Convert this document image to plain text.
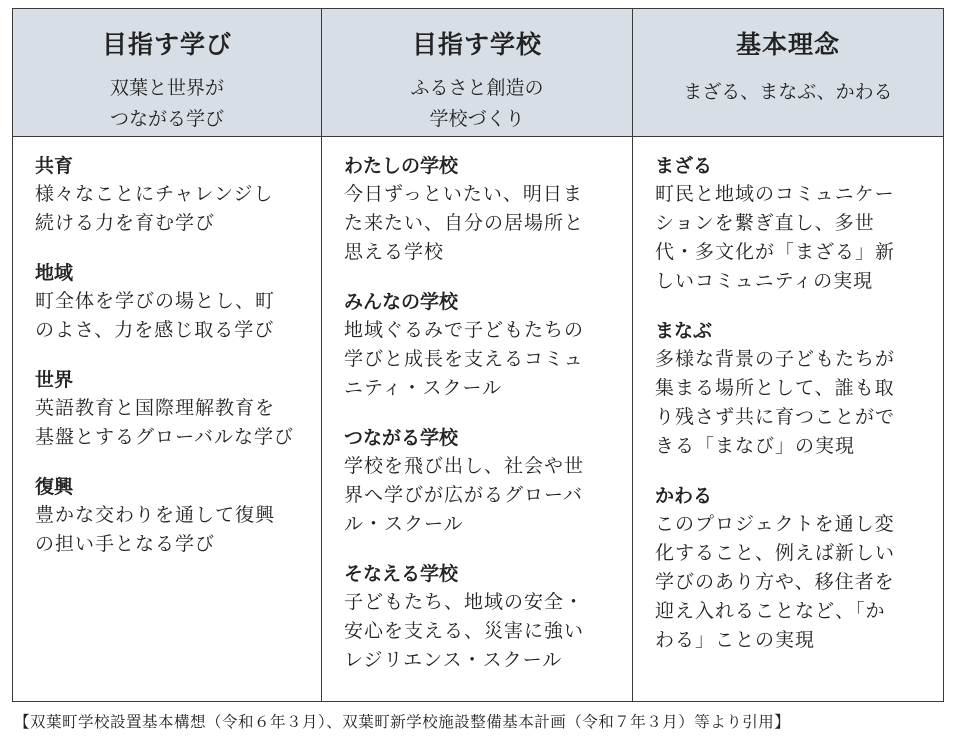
目指す学び
双葉と世界が
つながる学び
目指す学校
ふるさと創造の
学校づくり
基本理念
まざる、まなぶ、かわる
共育
様々なことにチャレンジし
続ける力を育む学び
地域
町全体を学びの場とし、町
のよさ、力を感じ取る学び
世界
英語教育と国際理解教育を
基盤とするグローバルな学び
復興
豊かな交わりを通して復興
の担い手となる学び
わたしの学校
今日ずっといたい、明日ま
た来たい、自分の居場所と
思える学校
みんなの学校
地域ぐるみで子どもたちの
学びと成長を支えるコミュ
ニティ・スクール
つながる学校
学校を飛び出し、社会や世
界へ学びが広がるグローバ
ル・スクール
そなえる学校
子どもたち、地域の安全・
安心を支える、災害に強い
レジリエンス・スクール
まざる
町民と地域のコミュニケー
ションを繋ぎ直し、多世
代・多文化が「まざる」新
しいコミュニティの実現
まなぶ
多様な背景の子どもたちが
集まる場所として、誰も取
り残さず共に育つことがで
きる「まなび」の実現
かわる
このプロジェクトを通し変
化すること、例えば新しい
学びのあり方や、移住者を
迎え入れることなど、「か
わる」ことの実現
【双葉町学校設置基本構想（令和６年３月）、双葉町新学校施設整備基本計画（令和７年３月）等より引用】
